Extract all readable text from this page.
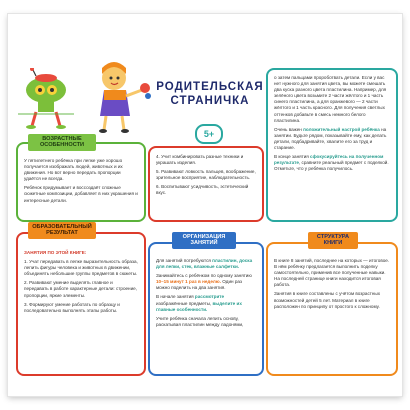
РОДИТЕЛЬСКАЯ СТРАНИЧКА
5+

У пятилетнего ребёнка при лепке уже хорошо получается изображать людей, животных и их движения. Но вот верно передать пропорции удаётся не всегда.

Ребёнок придумывает и воссоздаёт сложные сюжетные композиции, добавляет в них украшения и интересные детали.

ВОЗРАСТНЫЕ ОСОБЕННОСТИ

4. Учит комбинировать разные техники и украшать изделия.

5. Развивают ловкость пальцев, воображение, зрительное восприятие, наблюдательность.

6. Воспитывают усидчивость, эстетический вкус.

о затем пальцами пророботвать детали. Если у вас нет нужного для занятия цвета, вы можете смешать два куска разного цвета пластилина. Например, для зелёного цвета возьмите 2 части жёлтого и 1 часть синего пластилина, а для оранжевого — 2 части жёлтого и 1 часть красного. Для получения светлых оттенков добавьте в смесь немного белого пластилина.

Очень важен положительный настрой ребёнка на занятии. Будьте рядом, показывайте ему, как делать детали, подбадривайте, хвалите его за труд и старание.

В конце занятия сфокусируйтесь на полученном результате, сравните реальный предмет с поделкой. Отметьте, что у ребёнка получилось.

ЗАНЯТИЯ ПО ЭТОЙ КНИГЕ:

1. Учат передавать в лепке выразительность образа, лепить фигуры человека и животных в движении, объединять небольшие группы предметов в сюжеты.

2. Развивают умение выделять главное и передавать в работе характерные детали: строение, пропорции, яркие элементы.

3. Формируют умение работать по образцу и последовательно выполнять этапы работы.

ОБРАЗОВАТЕЛЬНЫЙ РЕЗУЛЬТАТ

Для занятий потребуются пластилин, доска для лепки, стек, влажные салфетки.

Занимайтесь с ребёнком по одному занятию 10–15 минут 1 раз в неделю. Один раз можно поделить на два занятия.

В начале занятия рассмотрите изображённые предметы, выделите их главные особенности.

Учите ребёнка сначала лепить основу, раскатывая пластилин между ладонями,

ОРГАНИЗАЦИЯ ЗАНЯТИЙ

В книге 8 занятий, последнее на которых — итоговое. В нём ребёнку предлагается выполнить поделку самостоятельно, применив все полученные навыки. На последней странице книги находится итоговая работа.

Занятия в книге составлены с учётом возрастных возможностей детей 5 лет. Материал в книге расположен по принципу от простого к сложному.

СТРУКТУРА КНИГИ
